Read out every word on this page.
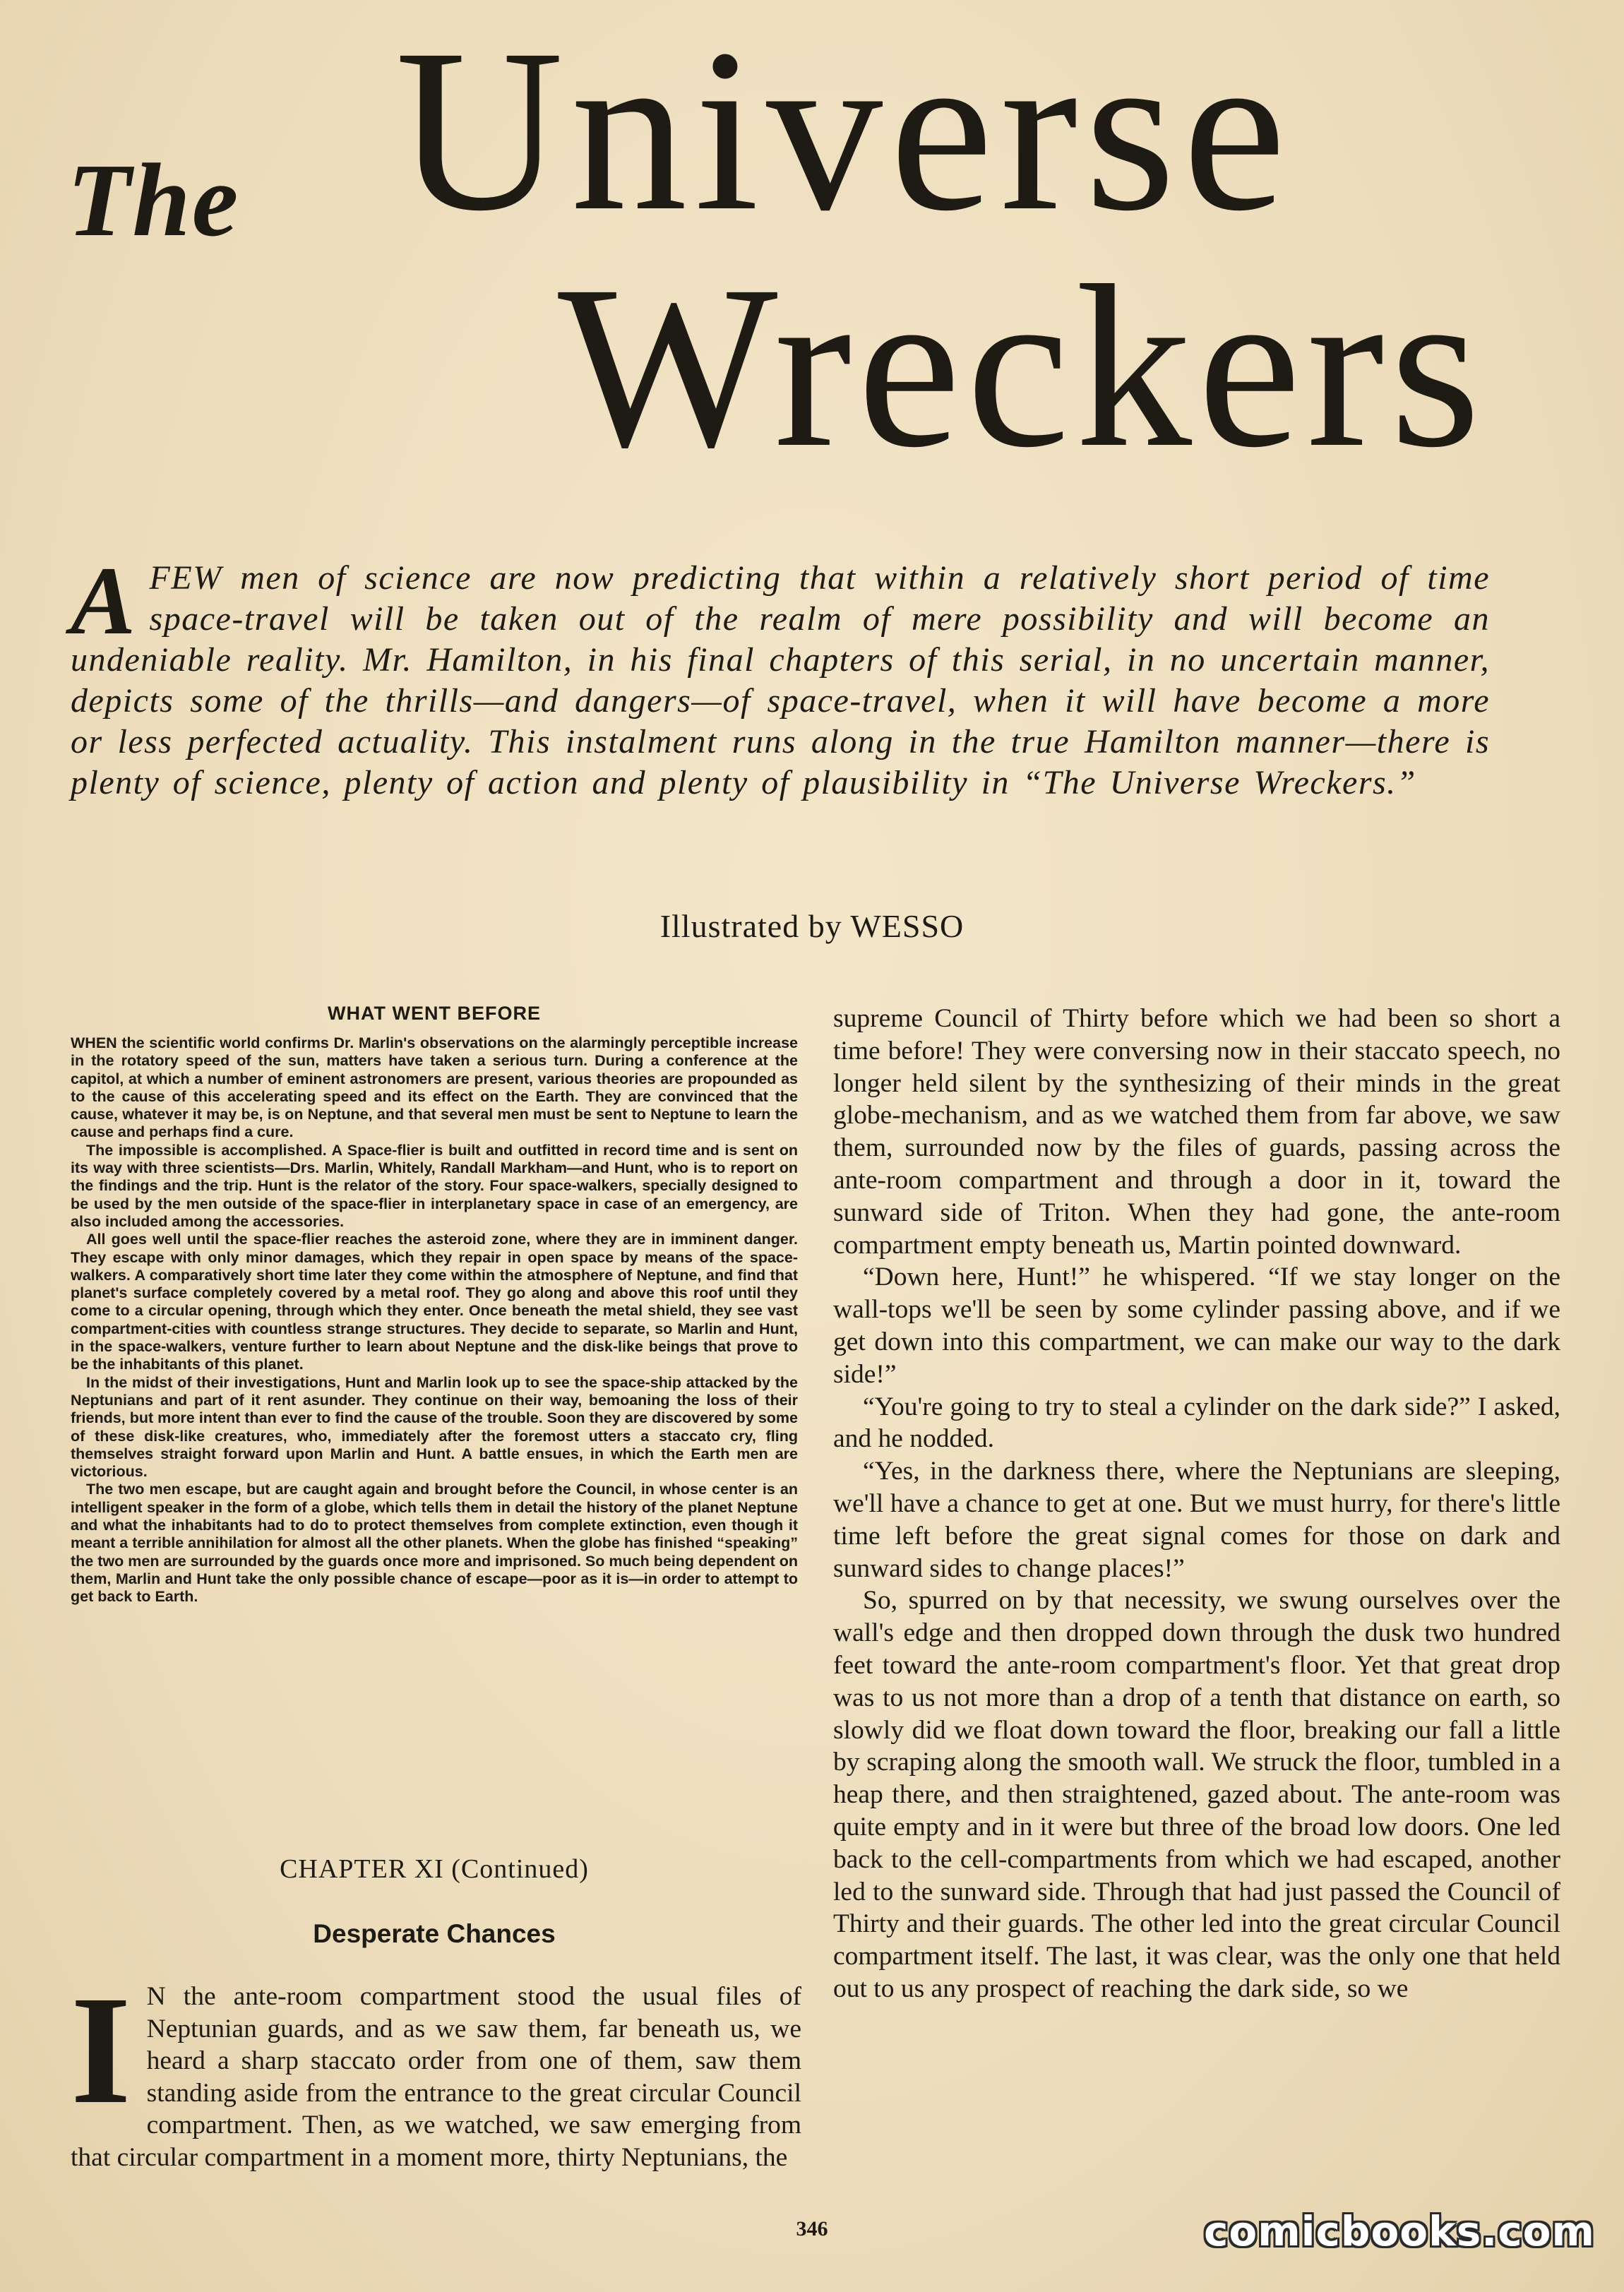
The Universe
Wreckers
AFEW men of science are now predicting that within a relatively short period of time space-travel will be taken out of the realm of mere possibility and will become an undeniable reality. Mr. Hamilton, in his final chapters of this serial, in no uncertain manner, depicts some of the thrills—and dangers—of space-travel, when it will have become a more or less perfected actuality. This instalment runs along in the true Hamilton manner—there is plenty of science, plenty of action and plenty of plausibility in “The Universe Wreckers.”
Illustrated by WESSO
WHAT WENT BEFORE

WHEN the scientific world confirms Dr. Marlin's observations on the alarmingly perceptible increase in the rotatory speed of the sun, matters have taken a serious turn. During a conference at the capitol, at which a number of eminent astronomers are present, various theories are propounded as to the cause of this accelerating speed and its effect on the Earth. They are convinced that the cause, whatever it may be, is on Neptune, and that several men must be sent to Neptune to learn the cause and perhaps find a cure.

The impossible is accomplished. A Space-flier is built and outfitted in record time and is sent on its way with three scientists—Drs. Marlin, Whitely, Randall Markham—and Hunt, who is to report on the findings and the trip. Hunt is the relator of the story. Four space-walkers, specially designed to be used by the men outside of the space-flier in interplanetary space in case of an emergency, are also included among the accessories.

All goes well until the space-flier reaches the asteroid zone, where they are in imminent danger. They escape with only minor damages, which they repair in open space by means of the space-walkers. A comparatively short time later they come within the atmosphere of Neptune, and find that planet's surface completely covered by a metal roof. They go along and above this roof until they come to a circular opening, through which they enter. Once beneath the metal shield, they see vast compartment-cities with countless strange structures. They decide to separate, so Marlin and Hunt, in the space-walkers, venture further to learn about Neptune and the disk-like beings that prove to be the inhabitants of this planet.

In the midst of their investigations, Hunt and Marlin look up to see the space-ship attacked by the Neptunians and part of it rent asunder. They continue on their way, bemoaning the loss of their friends, but more intent than ever to find the cause of the trouble. Soon they are discovered by some of these disk-like creatures, who, immediately after the foremost utters a staccato cry, fling themselves straight forward upon Marlin and Hunt. A battle ensues, in which the Earth men are victorious.

The two men escape, but are caught again and brought before the Council, in whose center is an intelligent speaker in the form of a globe, which tells them in detail the history of the planet Neptune and what the inhabitants had to do to protect themselves from complete extinction, even though it meant a terrible annihilation for almost all the other planets. When the globe has finished “speaking” the two men are surrounded by the guards once more and imprisoned. So much being dependent on them, Marlin and Hunt take the only possible chance of escape—poor as it is—in order to attempt to get back to Earth.

CHAPTER XI (Continued)
Desperate Chances

I N the ante-room compartment stood the usual files of Neptunian guards, and as we saw them, far beneath us, we heard a sharp staccato order from one of them, saw them standing aside from the entrance to the great circular Council compartment. Then, as we watched, we saw emerging from that circular compartment in a moment more, thirty Neptunians, the

supreme Council of Thirty before which we had been so short a time before! They were conversing now in their staccato speech, no longer held silent by the synthesizing of their minds in the great globe-mechanism, and as we watched them from far above, we saw them, surrounded now by the files of guards, passing across the ante-room compartment and through a door in it, toward the sunward side of Triton. When they had gone, the ante-room compartment empty beneath us, Martin pointed downward.

“Down here, Hunt!” he whispered. “If we stay longer on the wall-tops we'll be seen by some cylinder passing above, and if we get down into this compartment, we can make our way to the dark side!”

“You're going to try to steal a cylinder on the dark side?” I asked, and he nodded.

“Yes, in the darkness there, where the Neptunians are sleeping, we'll have a chance to get at one. But we must hurry, for there's little time left before the great signal comes for those on dark and sunward sides to change places!”

So, spurred on by that necessity, we swung ourselves over the wall's edge and then dropped down through the dusk two hundred feet toward the ante-room compartment's floor. Yet that great drop was to us not more than a drop of a tenth that distance on earth, so slowly did we float down toward the floor, breaking our fall a little by scraping along the smooth wall. We struck the floor, tumbled in a heap there, and then straightened, gazed about. The ante-room was quite empty and in it were but three of the broad low doors. One led back to the cell-compartments from which we had escaped, another led to the sunward side. Through that had just passed the Council of Thirty and their guards. The other led into the great circular Council compartment itself. The last, it was clear, was the only one that held out to us any prospect of reaching the dark side, so we

346	comicbooks.com
